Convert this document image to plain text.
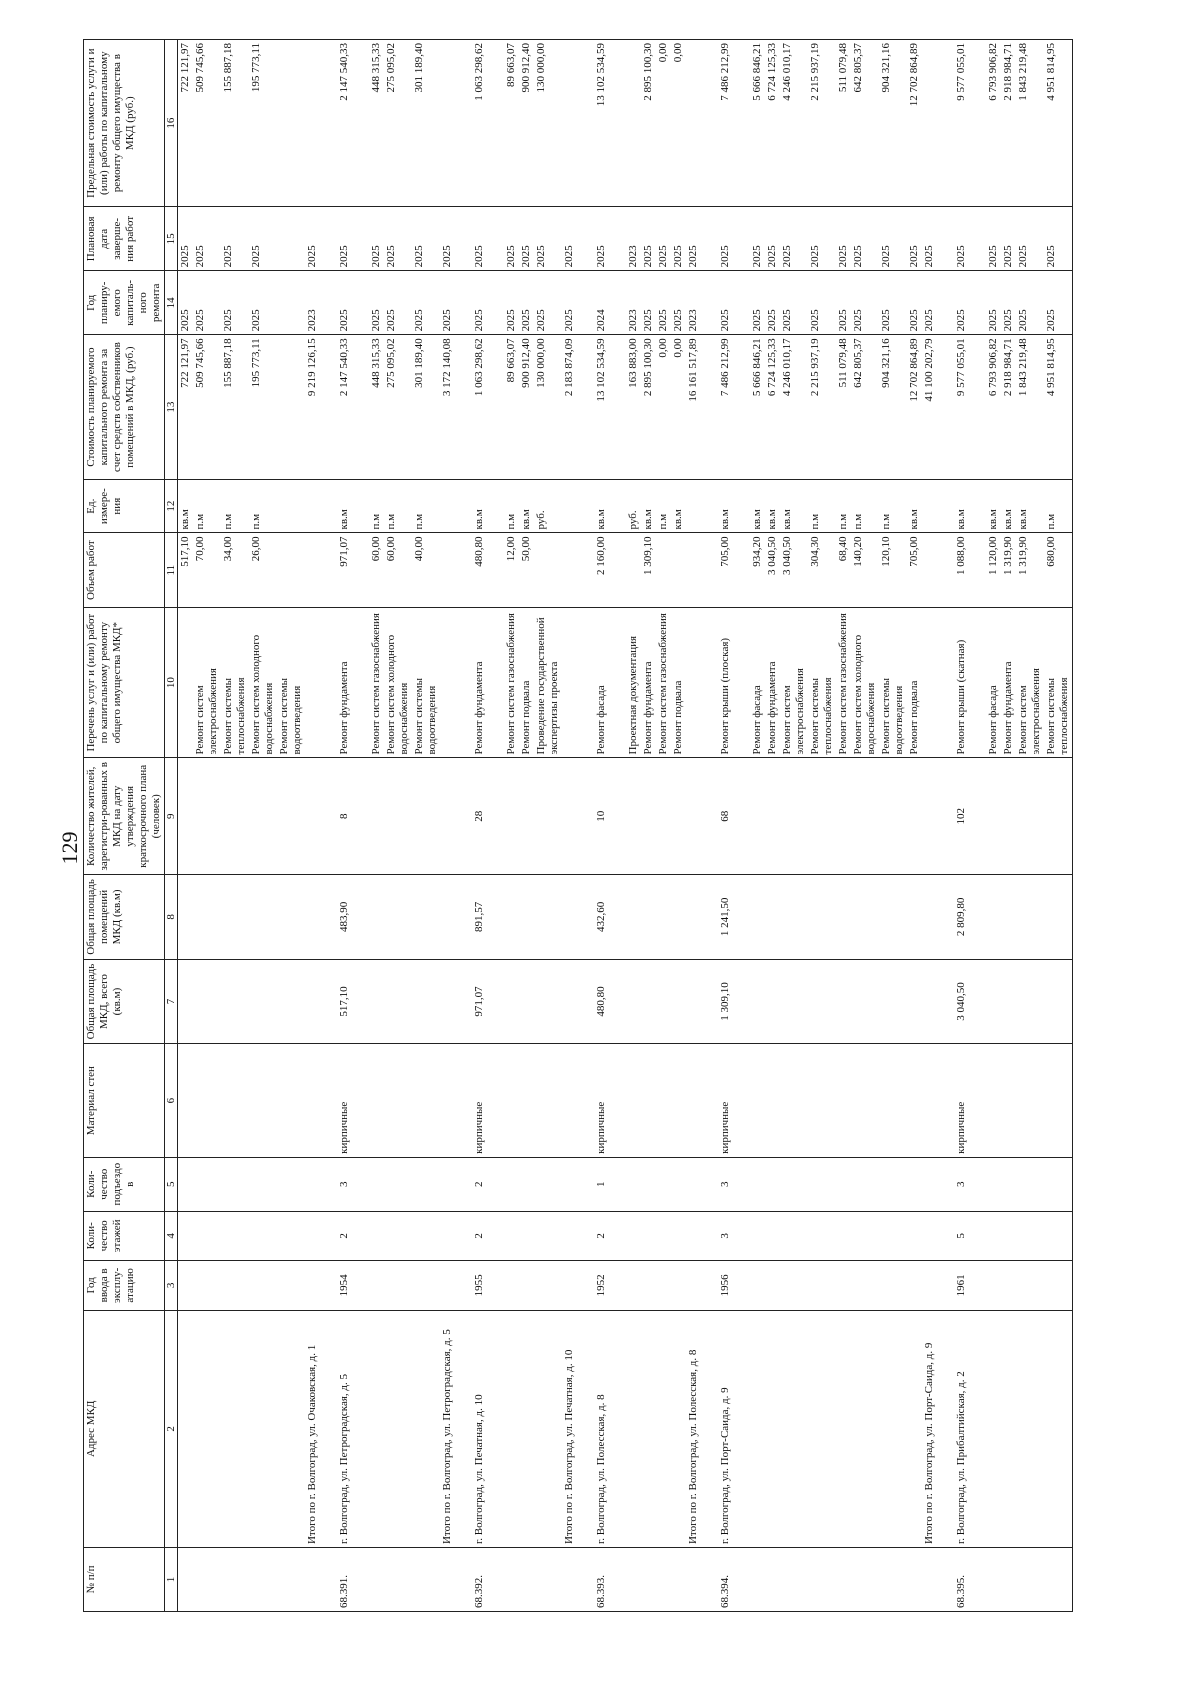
129
№ п/п	Адрес МКД	Год ввода в эксплу-атацию	Коли-чество этажей	Коли-чество подъездо в	Материал стен	Общая площадь МКД, всего (кв.м)	Общая площадь помещений МКД (кв.м)	Количество жителей, зарегистри-рованных в МКД на дату утверждения краткосрочного плана (человек)	Перечень услуг и (или) работ по капитальному ремонту общего имущества МКД*	Объем работ	Ед. измере-ния	Стоимость планируемого капитального ремонта за счет средств собственников помещений в МКД, (руб.)	Год планиру-емого капиталь-ного ремонта	Плановая дата заверше-ния работ	Предельная стоимость услуги и (или) работы по капитальному ремонту общего имущества в МКД (руб.)
1	2	3	4	5	6	7	8	9	10	11	12	13	14	15	16
										517,10	кв.м	722 121,97	2025	2025	722 121,97
									Ремонт систем электроснабжения	70,00	п.м	509 745,66	2025	2025	509 745,66
									Ремонт системы теплоснабжения	34,00	п.м	155 887,18	2025	2025	155 887,18
									Ремонт систем холодного водоснабжения	26,00	п.м	195 773,11	2025	2025	195 773,11
									Ремонт системы водоотведения						
	Итого по г. Волгоград, ул. Очаковская, д. 1											9 219 126,15	2023	2025	
68.391.	г. Волгоград, ул. Петроградская, д. 5	1954	2	3	кирпичные	517,10	483,90	8	Ремонт фундамента	971,07	кв.м	2 147 540,33	2025	2025	2 147 540,33
									Ремонт систем газоснабжения	60,00	п.м	448 315,33	2025	2025	448 315,33
									Ремонт систем холодного водоснабжения	60,00	п.м	275 095,02	2025	2025	275 095,02
									Ремонт системы водоотведения	40,00	п.м	301 189,40	2025	2025	301 189,40
	Итого по г. Волгоград, ул. Петроградская, д. 5											3 172 140,08	2025	2025	
68.392.	г. Волгоград, ул. Печатная, д. 10	1955	2	2	кирпичные	971,07	891,57	28	Ремонт фундамента	480,80	кв.м	1 063 298,62	2025	2025	1 063 298,62
									Ремонт систем газоснабжения	12,00	п.м	89 663,07	2025	2025	89 663,07
									Ремонт подвала	50,00	кв.м	900 912,40	2025	2025	900 912,40
									Проведение государственной экспертизы проекта		руб.	130 000,00	2025	2025	130 000,00
	Итого по г. Волгоград, ул. Печатная, д. 10											2 183 874,09	2025	2025	
68.393.	г. Волгоград, ул. Полесская, д. 8	1952	2	1	кирпичные	480,80	432,60	10	Ремонт фасада	2 160,00	кв.м	13 102 534,59	2024	2025	13 102 534,59
									Проектная документация		руб.	163 883,00	2023	2023	
									Ремонт фундамента	1 309,10	кв.м	2 895 100,30	2025	2025	2 895 100,30
									Ремонт систем газоснабжения		п.м	0,00	2025	2025	0,00
									Ремонт подвала		кв.м	0,00	2025	2025	0,00
	Итого по г. Волгоград, ул. Полесская, д. 8											16 161 517,89	2023	2025	
68.394.	г. Волгоград, ул. Порт-Саида, д. 9	1956	3	3	кирпичные	1 309,10	1 241,50	68	Ремонт крыши (плоская)	705,00	кв.м	7 486 212,99	2025	2025	7 486 212,99
									Ремонт фасада	934,20	кв.м	5 666 846,21	2025	2025	5 666 846,21
									Ремонт фундамента	3 040,50	кв.м	6 724 125,33	2025	2025	6 724 125,33
									Ремонт систем электроснабжения	3 040,50	кв.м	4 246 010,17	2025	2025	4 246 010,17
									Ремонт системы теплоснабжения	304,30	п.м	2 215 937,19	2025	2025	2 215 937,19
									Ремонт систем газоснабжения	68,40	п.м	511 079,48	2025	2025	511 079,48
									Ремонт систем холодного водоснабжения	140,20	п.м	642 805,37	2025	2025	642 805,37
									Ремонт системы водоотведения	120,10	п.м	904 321,16	2025	2025	904 321,16
									Ремонт подвала	705,00	кв.м	12 702 864,89	2025	2025	12 702 864,89
	Итого по г. Волгоград, ул. Порт-Саида, д. 9											41 100 202,79	2025	2025	
68.395.	г. Волгоград, ул. Прибалтийская, д. 2	1961	5	3	кирпичные	3 040,50	2 809,80	102	Ремонт крыши (скатная)	1 088,00	кв.м	9 577 055,01	2025	2025	9 577 055,01
									Ремонт фасада	1 120,00	кв.м	6 793 906,82	2025	2025	6 793 906,82
									Ремонт фундамента	1 319,90	кв.м	2 918 984,71	2025	2025	2 918 984,71
									Ремонт систем электроснабжения	1 319,90	кв.м	1 843 219,48	2025	2025	1 843 219,48
									Ремонт системы теплоснабжения	680,00	п.м	4 951 814,95	2025	2025	4 951 814,95
